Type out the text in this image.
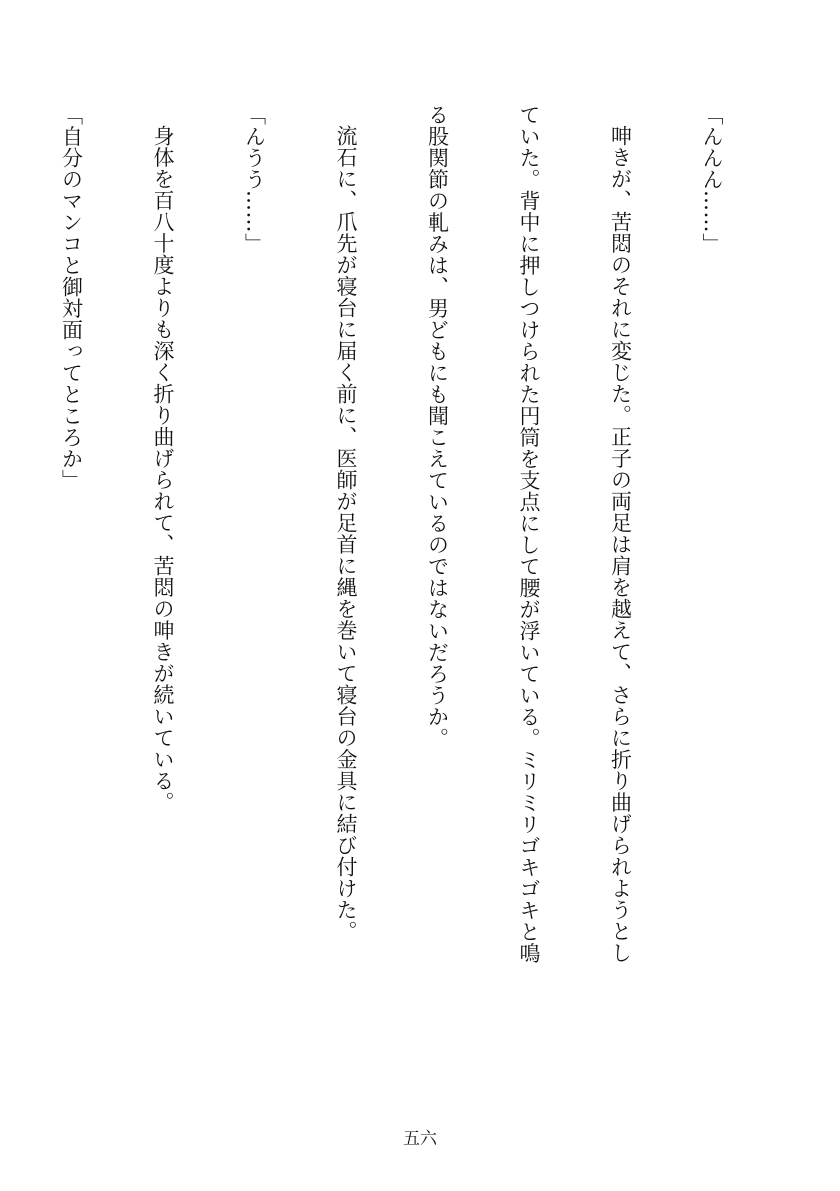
「んんん……」

呻きが、苦悶のそれに変じた。正子の両足は肩を越えて、さらに折り曲げられようとし

ていた。背中に押しつけられた円筒を支点にして腰が浮いている。ミリミリゴキゴキと鳴

る股関節の軋みは、男どもにも聞こえているのではないだろうか。

流石に、爪先が寝台に届く前に、医師が足首に縄を巻いて寝台の金具に結び付けた。

「んうう……」

身体を百八十度よりも深く折り曲げられて、苦悶の呻きが続いている。

「自分のマンコと御対面ってところか」

五六
